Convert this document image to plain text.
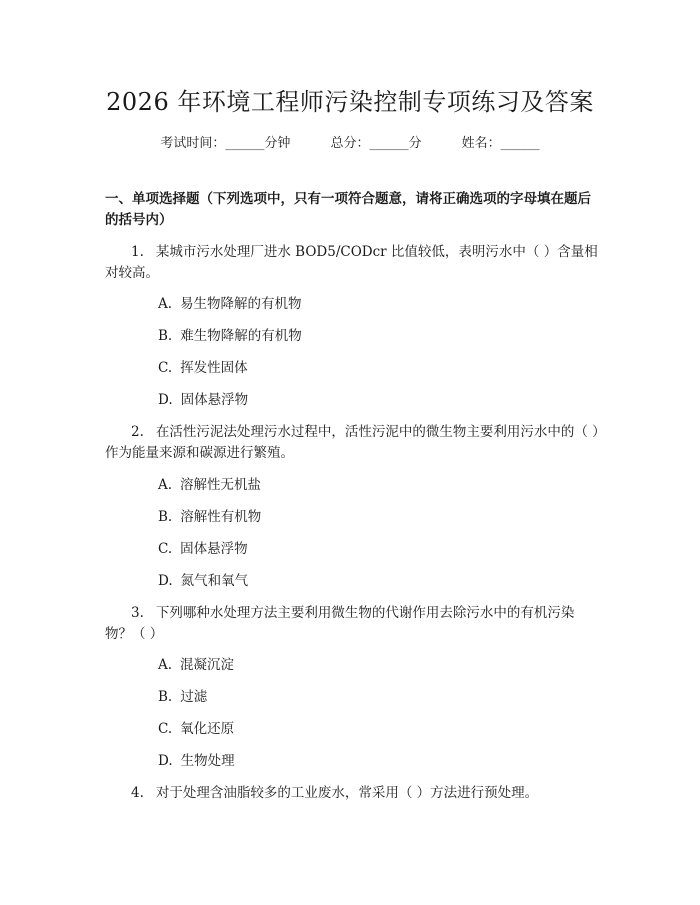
2026 年环境工程师污染控制专项练习及答案
考试时间：______分钟	总分：______分	姓名：______
一、单项选择题（下列选项中，只有一项符合题意，请将正确选项的字母填在题后的括号内）
1. 某城市污水处理厂进水 BOD5/CODcr 比值较低，表明污水中（ ）含量相对较高。
A. 易生物降解的有机物
B. 难生物降解的有机物
C. 挥发性固体
D. 固体悬浮物
2. 在活性污泥法处理污水过程中，活性污泥中的微生物主要利用污水中的（ ）作为能量来源和碳源进行繁殖。
A. 溶解性无机盐
B. 溶解性有机物
C. 固体悬浮物
D. 氮气和氧气
3. 下列哪种水处理方法主要利用微生物的代谢作用去除污水中的有机污染物？（ ）
A. 混凝沉淀
B. 过滤
C. 氧化还原
D. 生物处理
4. 对于处理含油脂较多的工业废水，常采用（ ）方法进行预处理。
